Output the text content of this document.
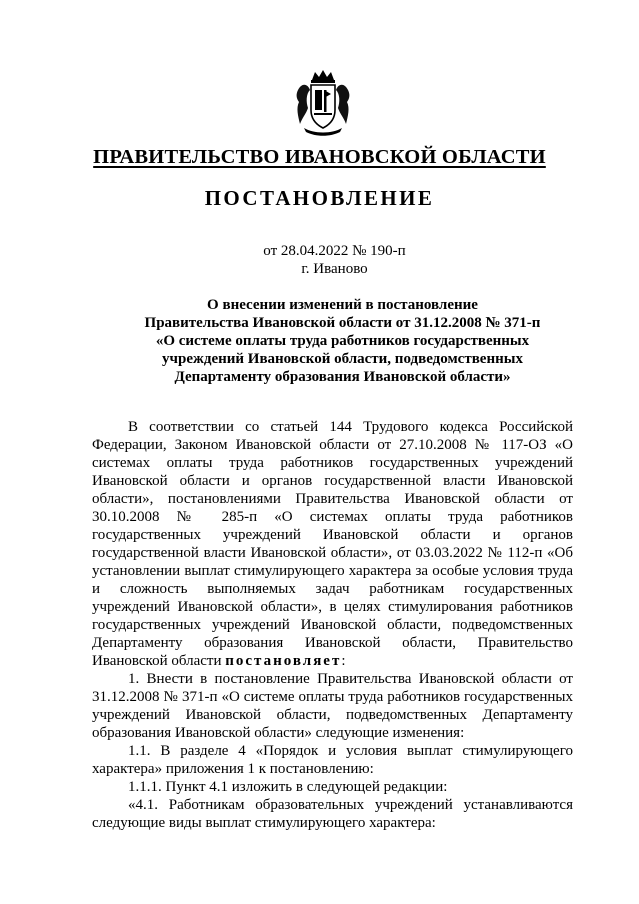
ПРАВИТЕЛЬСТВО ИВАНОВСКОЙ ОБЛАСТИ
ПОСТАНОВЛЕНИЕ
от 28.04.2022 № 190-п
г. Иваново
О внесении изменений в постановление
Правительства Ивановской области от 31.12.2008 № 371-п
«О системе оплаты труда работников государственных
учреждений Ивановской области, подведомственных
Департаменту образования Ивановской области»

В соответствии со статьей 144 Трудового кодекса Российской Федерации, Законом Ивановской области от 27.10.2008 № 117-ОЗ «О системах оплаты труда работников государственных учреждений Ивановской области и органов государственной власти Ивановской области», постановлениями Правительства Ивановской области от 30.10.2008 № 285-п «О системах оплаты труда работников государственных учреждений Ивановской области и органов государственной власти Ивановской области», от 03.03.2022 № 112-п «Об установлении выплат стимулирующего характера за особые условия труда и сложность выполняемых задач работникам государственных учреждений Ивановской области», в целях стимулирования работников государственных учреждений Ивановской области, подведомственных Департаменту образования Ивановской области, Правительство Ивановской области постановляет:

1. Внести в постановление Правительства Ивановской области от 31.12.2008 № 371-п «О системе оплаты труда работников государственных учреждений Ивановской области, подведомственных Департаменту образования Ивановской области» следующие изменения:

1.1. В разделе 4 «Порядок и условия выплат стимулирующего характера» приложения 1 к постановлению:

1.1.1. Пункт 4.1 изложить в следующей редакции:

«4.1. Работникам образовательных учреждений устанавливаются следующие виды выплат стимулирующего характера:
